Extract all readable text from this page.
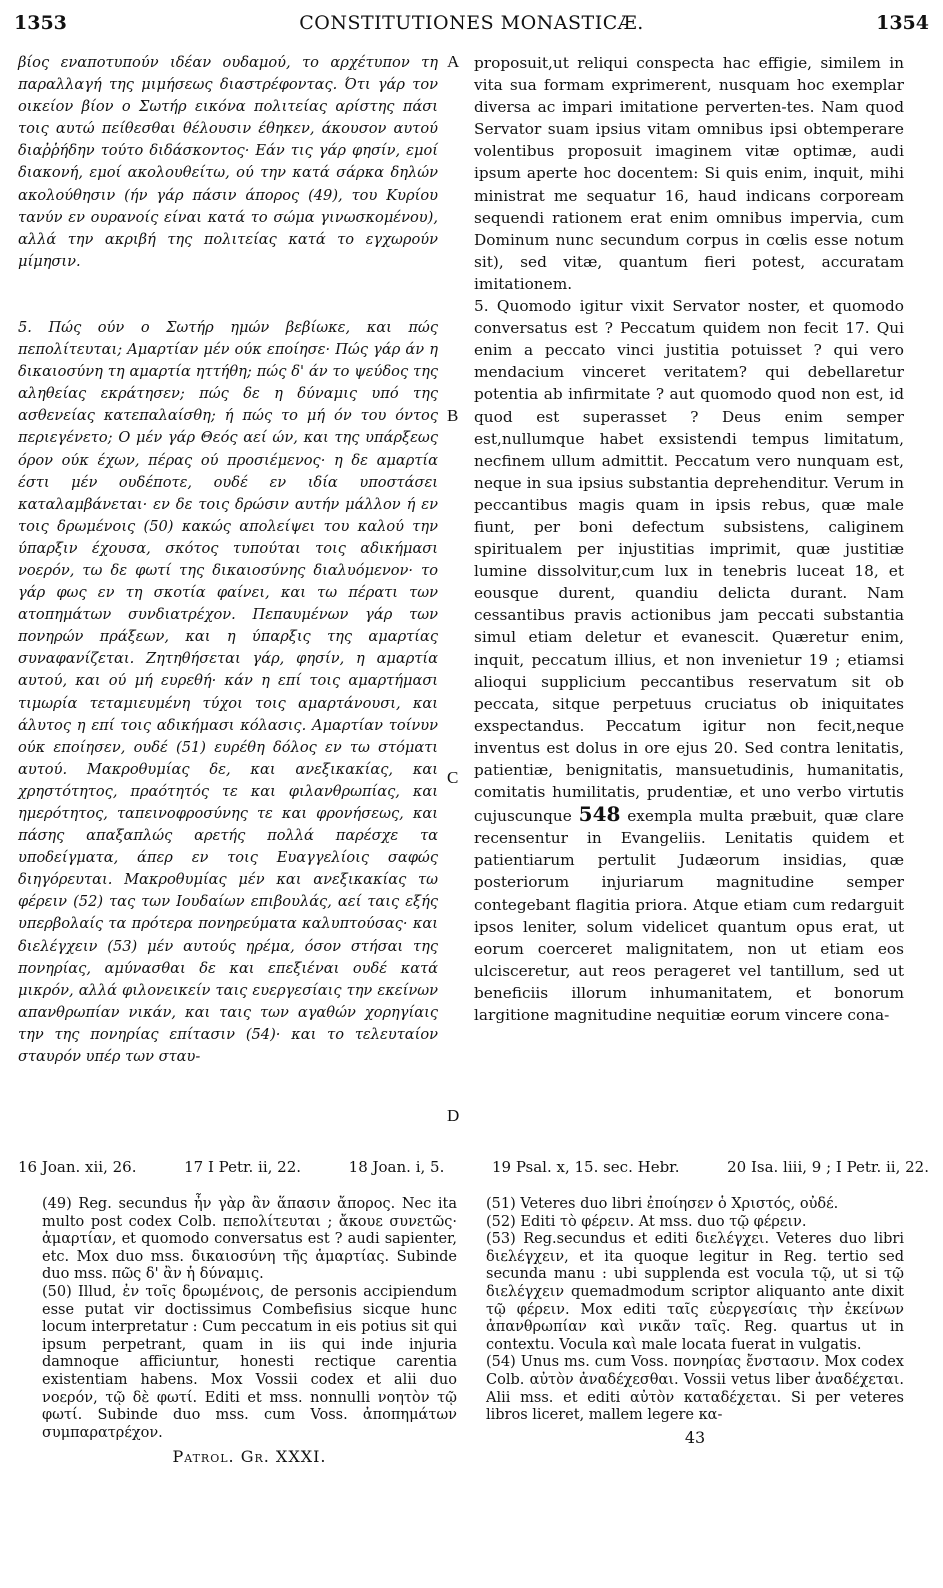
1353	CONSTITUTIONES MONASTICÆ.	1354

βίος εναποτυπούν ιδέαν ουδαμού, το αρχέτυπον τη παραλλαγή της μιμήσεως διαστρέφοντας. Ότι γάρ τον οικείον βίον ο Σωτήρ εικόνα πολιτείας αρίστης πάσι τοις αυτώ πείθεσθαι θέλουσιν έθηκεν, άκουσον αυτού διαῤῥήδην τούτο διδάσκοντος· Εάν τις γάρ φησίν, εμοί διακονή, εμοί ακολουθείτω, ού την κατά σάρκα δηλών ακολούθησιν (ήν γάρ πάσιν άπορος (49), του Κυρίου τανύν εν ουρανοίς είναι κατά το σώμα γινωσκομένου), αλλά την ακριβή της πολιτείας κατά το εγχωρούν μίμησιν.

5. Πώς ούν ο Σωτήρ ημών βεβίωκε, και πώς πεπολίτευται; Αμαρτίαν μέν ούκ εποίησε· Πώς γάρ άν η δικαιοσύνη τη αμαρτία ηττήθη; πώς δ' άν το ψεύδος της αληθείας εκράτησεν; πώς δε η δύναμις υπό της ασθενείας κατεπαλαίσθη; ή πώς το μή όν του όντος περιεγένετο; Ο μέν γάρ Θεός αεί ών, και της υπάρξεως όρον ούκ έχων, πέρας ού προσιέμενος· η δε αμαρτία έστι μέν ουδέποτε, ουδέ εν ιδία υποστάσει καταλαμβάνεται· εν δε τοις δρώσιν αυτήν μάλλον ή εν τοις δρωμένοις (50) κακώς απολείψει του καλού την ύπαρξιν έχουσα, σκότος τυπούται τοις αδικήμασι νοερόν, τω δε φωτί της δικαιοσύνης διαλυόμενον· το γάρ φως εν τη σκοτία φαίνει, και τω πέρατι των ατοπημάτων συνδιατρέχον. Πεπαυμένων γάρ των πονηρών πράξεων, και η ύπαρξις της αμαρτίας συναφανίζεται. Ζητηθήσεται γάρ, φησίν, η αμαρτία αυτού, και ού μή ευρεθή· κάν η επί τοις αμαρτήμασι τιμωρία τεταμιευμένη τύχοι τοις αμαρτάνουσι, και άλυτος η επί τοις αδικήμασι κόλασις. Αμαρτίαν τοίνυν ούκ εποίησεν, ουδέ (51) ευρέθη δόλος εν τω στόματι αυτού. Μακροθυμίας δε, και ανεξικακίας, και χρηστότητος, πραότητός τε και φιλανθρωπίας, και ημερότητος, ταπεινοφροσύνης τε και φρονήσεως, και πάσης απαξαπλώς αρετής πολλά παρέσχε τα υποδείγματα, άπερ εν τοις Ευαγγελίοις σαφώς διηγόρευται. Μακροθυμίας μέν και ανεξικακίας τω φέρειν (52) τας των Ιουδαίων επιβουλάς, αεί ταις εξής υπερβολαίς τα πρότερα πονηρεύματα καλυπτούσας· και διελέγχειν (53) μέν αυτούς ηρέμα, όσον στήσαι της πονηρίας, αμύνασθαι δε και επεξιέναι ουδέ κατά μικρόν, αλλά φιλονεικείν ταις ευεργεσίαις την εκείνων απανθρωπίαν νικάν, και ταις των αγαθών χορηγίαις την της πονηρίας επίτασιν (54)· και το τελευταίον σταυρόν υπέρ των σταυ-

A
B
C
D

proposuit,ut reliqui conspecta hac effigie, similem in vita sua formam exprimerent, nusquam hoc exemplar diversa ac impari imitatione perverten-tes. Nam quod Servator suam ipsius vitam omnibus ipsi obtemperare volentibus proposuit imaginem vitæ optimæ, audi ipsum aperte hoc docentem: Si quis enim, inquit, mihi ministrat me sequatur 16, haud indicans corpoream sequendi rationem erat enim omnibus impervia, cum Dominum nunc secundum corpus in cœlis esse notum sit), sed vitæ, quantum fieri potest, accuratam imitationem.

5. Quomodo igitur vixit Servator noster, et quomodo conversatus est ? Peccatum quidem non fecit 17. Qui enim a peccato vinci justitia potuisset ? qui vero mendacium vinceret veritatem? qui debellaretur potentia ab infirmitate ? aut quomodo quod non est, id quod est superasset ? Deus enim semper est,nullumque habet exsistendi tempus limitatum, necfinem ullum admittit. Peccatum vero nunquam est, neque in sua ipsius substantia deprehenditur. Verum in peccantibus magis quam in ipsis rebus, quæ male fiunt, per boni defectum subsistens, caliginem spiritualem per injustitias imprimit, quæ justitiæ lumine dissolvitur,cum lux in tenebris luceat 18, et eousque durent, quandiu delicta durant. Nam cessantibus pravis actionibus jam peccati substantia simul etiam deletur et evanescit. Quæretur enim, inquit, peccatum illius, et non invenietur 19 ; etiamsi alioqui supplicium peccantibus reservatum sit ob peccata, sitque perpetuus cruciatus ob iniquitates exspectandus. Peccatum igitur non fecit,neque inventus est dolus in ore ejus 20. Sed contra lenitatis, patientiæ, benignitatis, mansuetudinis, humanitatis, comitatis humilitatis, prudentiæ, et uno verbo virtutis cujuscunque 548 exempla multa præbuit, quæ clare recensentur in Evangeliis. Lenitatis quidem et patientiarum pertulit Judæorum insidias, quæ posteriorum injuriarum magnitudine semper contegebant flagitia priora. Atque etiam cum redarguit ipsos leniter, solum videlicet quantum opus erat, ut eorum coerceret malignitatem, non ut etiam eos ulcisceretur, aut reos perageret vel tantillum, sed ut beneficiis illorum inhumanitatem, et bonorum largitione magnitudine nequitiæ eorum vincere cona-

16 Joan. xii, 26.	17 I Petr. ii, 22.	18 Joan. i, 5.	19 Psal. x, 15. sec. Hebr.	20 Isa. liii, 9 ; I Petr. ii, 22.

(49) Reg. secundus ἦν γὰρ ἂν ἅπασιν ἄπορος. Nec ita multo post codex Colb. πεπολίτευται ; ἄκουε συνετῶς· ἁμαρτίαν, et quomodo conversatus est ? audi sapienter, etc. Mox duo mss. δικαιοσύνη τῆς ἁμαρτίας. Subinde duo mss. πῶς δ' ἂν ἡ δύναμις.

(50) Illud, ἐν τοῖς δρωμένοις, de personis accipiendum esse putat vir doctissimus Combefisius sicque hunc locum interpretatur : Cum peccatum in eis potius sit qui ipsum perpetrant, quam in iis qui inde injuria damnoque afficiuntur, honesti rectique carentia existentiam habens. Mox Vossii codex et alii duo νοερόν, τῷ δὲ φωτί. Editi et mss. nonnulli νοητὸν τῷ φωτί. Subinde duo mss. cum Voss. ἀποπημάτων συμπαρατρέχον.

Patrol. Gr. XXXI.

(51) Veteres duo libri ἐποίησεν ὁ Χριστός, οὐδέ.

(52) Editi τὸ φέρειν. At mss. duo τῷ φέρειν.

(53) Reg.secundus et editi διελέγχει. Veteres duo libri διελέγχειν, et ita quoque legitur in Reg. tertio sed secunda manu : ubi supplenda est vocula τῷ, ut si τῷ διελέγχειν quemadmodum scriptor aliquanto ante dixit τῷ φέρειν. Mox editi ταῖς εὐεργεσίαις τὴν ἐκείνων ἀπανθρωπίαν καὶ νικᾶν ταῖς. Reg. quartus ut in contextu. Vocula καὶ male locata fuerat in vulgatis.

(54) Unus ms. cum Voss. πονηρίας ἔνστασιν. Mox codex Colb. αὐτὸν ἀναδέχεσθαι. Vossii vetus liber ἀναδέχεται. Alii mss. et editi αὐτὸν καταδέχεται. Si per veteres libros liceret, mallem legere κα-

43
